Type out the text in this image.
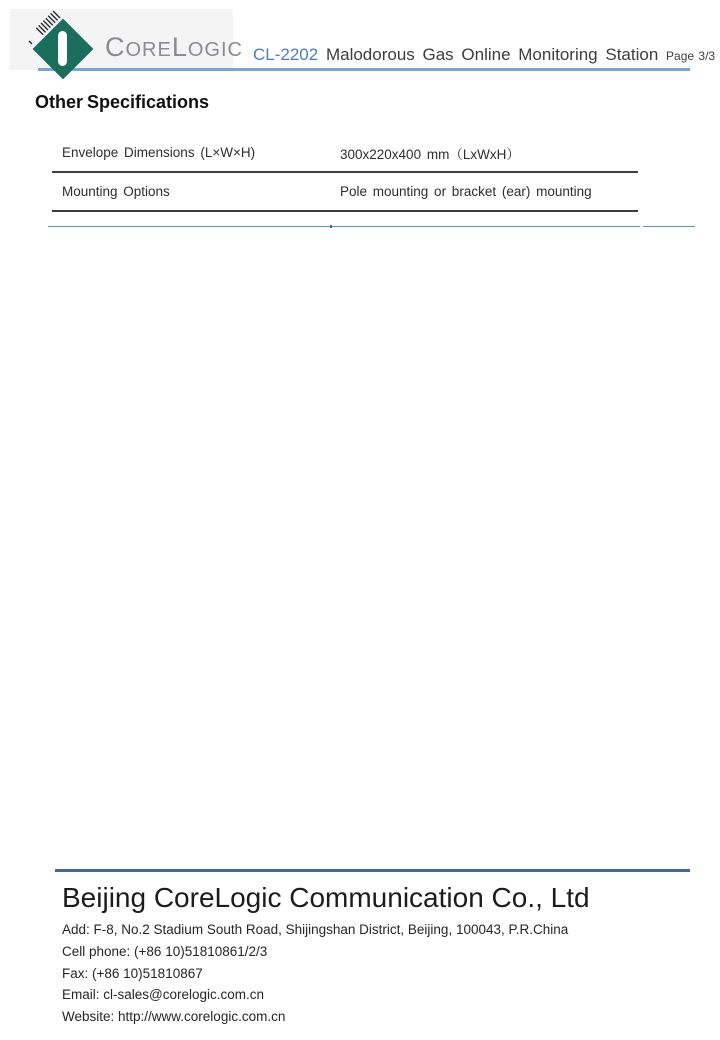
CORELOGIC CL-2202 Malodorous Gas Online Monitoring Station Page 3/3
Other Specifications
Envelope Dimensions (L×W×H)	300x220x400 mm（LxWxH）
Mounting Options	Pole mounting or bracket (ear) mounting
Beijing CoreLogic Communication Co., Ltd
Add: F-8, No.2 Stadium South Road, Shijingshan District, Beijing, 100043, P.R.China
Cell phone: (+86 10)51810861/2/3
Fax: (+86 10)51810867
Email: cl-sales@corelogic.com.cn
Website: http://www.corelogic.com.cn
